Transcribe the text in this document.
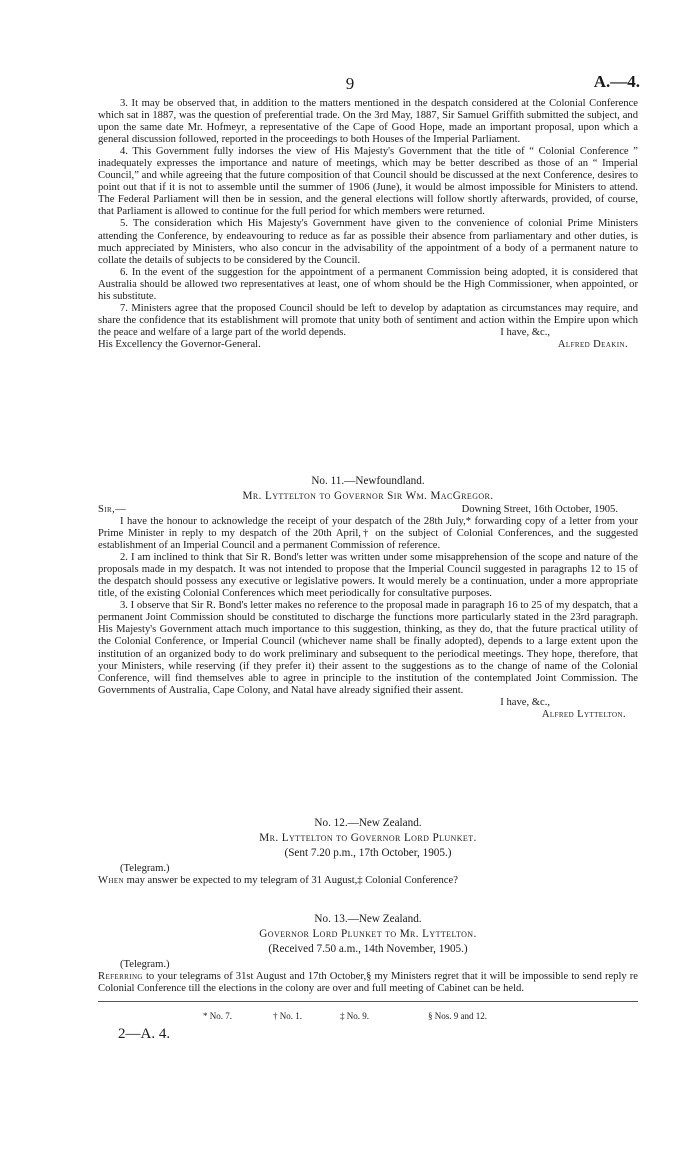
9	A.—4.

3. It may be observed that, in addition to the matters mentioned in the despatch considered at the Colonial Conference which sat in 1887, was the question of preferential trade. On the 3rd May, 1887, Sir Samuel Griffith submitted the subject, and upon the same date Mr. Hofmeyr, a representative of the Cape of Good Hope, made an important proposal, upon which a general discussion followed, reported in the proceedings to both Houses of the Imperial Parliament.

4. This Government fully indorses the view of His Majesty's Government that the title of “ Colonial Conference ” inadequately expresses the importance and nature of meetings, which may be better described as those of an “ Imperial Council,” and while agreeing that the future composition of that Council should be discussed at the next Conference, desires to point out that if it is not to assemble until the summer of 1906 (June), it would be almost impossible for Ministers to attend. The Federal Parliament will then be in session, and the general elections will follow shortly afterwards, provided, of course, that Parliament is allowed to continue for the full period for which members were returned.

5. The consideration which His Majesty's Government have given to the convenience of colonial Prime Ministers attending the Conference, by endeavouring to reduce as far as possible their absence from parliamentary and other duties, is much appreciated by Ministers, who also concur in the advisability of the appointment of a body of a permanent nature to collate the details of subjects to be considered by the Council.

6. In the event of the suggestion for the appointment of a permanent Commission being adopted, it is considered that Australia should be allowed two representatives at least, one of whom should be the High Commissioner, when appointed, or his substitute.

7. Ministers agree that the proposed Council should be left to develop by adaptation as circumstances may require, and share the confidence that its establishment will promote that unity both of sentiment and action within the Empire upon which the peace and welfare of a large part of the world depends.	I have, &c.,
His Excellency the Governor-General.	Alfred Deakin.
No. 11.—Newfoundland.
Mr. Lyttelton to Governor Sir Wm. MacGregor.
Sir,—	Downing Street, 16th October, 1905.

I have the honour to acknowledge the receipt of your despatch of the 28th July,* forwarding copy of a letter from your Prime Minister in reply to my despatch of the 20th April,† on the subject of Colonial Conferences, and the suggested establishment of an Imperial Council and a permanent Commission of reference.

2. I am inclined to think that Sir R. Bond's letter was written under some misapprehension of the scope and nature of the proposals made in my despatch. It was not intended to propose that the Imperial Council suggested in paragraphs 12 to 15 of the despatch should possess any executive or legislative powers. It would merely be a continuation, under a more appropriate title, of the existing Colonial Conferences which meet periodically for consultative purposes.

3. I observe that Sir R. Bond's letter makes no reference to the proposal made in paragraph 16 to 25 of my despatch, that a permanent Joint Commission should be constituted to discharge the functions more particularly stated in the 23rd paragraph. His Majesty's Government attach much importance to this suggestion, thinking, as they do, that the future practical utility of the Colonial Conference, or Imperial Council (whichever name shall be finally adopted), depends to a large extent upon the institution of an organized body to do work preliminary and subsequent to the periodical meetings. They hope, therefore, that your Ministers, while reserving (if they prefer it) their assent to the suggestions as to the change of name of the Colonial Conference, will find themselves able to agree in principle to the institution of the contemplated Joint Commission. The Governments of Australia, Cape Colony, and Natal have already signified their assent.

I have, &c.,
Alfred Lyttelton.
No. 12.—New Zealand.
Mr. Lyttelton to Governor Lord Plunket.
(Sent 7.20 p.m., 17th October, 1905.)

(Telegram.)

When may answer be expected to my telegram of 31 August,‡ Colonial Conference?

No. 13.—New Zealand.
Governor Lord Plunket to Mr. Lyttelton.
(Received 7.50 a.m., 14th November, 1905.)

(Telegram.)

Referring to your telegrams of 31st August and 17th October,§ my Ministers regret that it will be impossible to send reply re Colonial Conference till the elections in the colony are over and full meeting of Cabinet can be held.

* No. 7.	† No. 1.	‡ No. 9.	§ Nos. 9 and 12.
2—A. 4.
